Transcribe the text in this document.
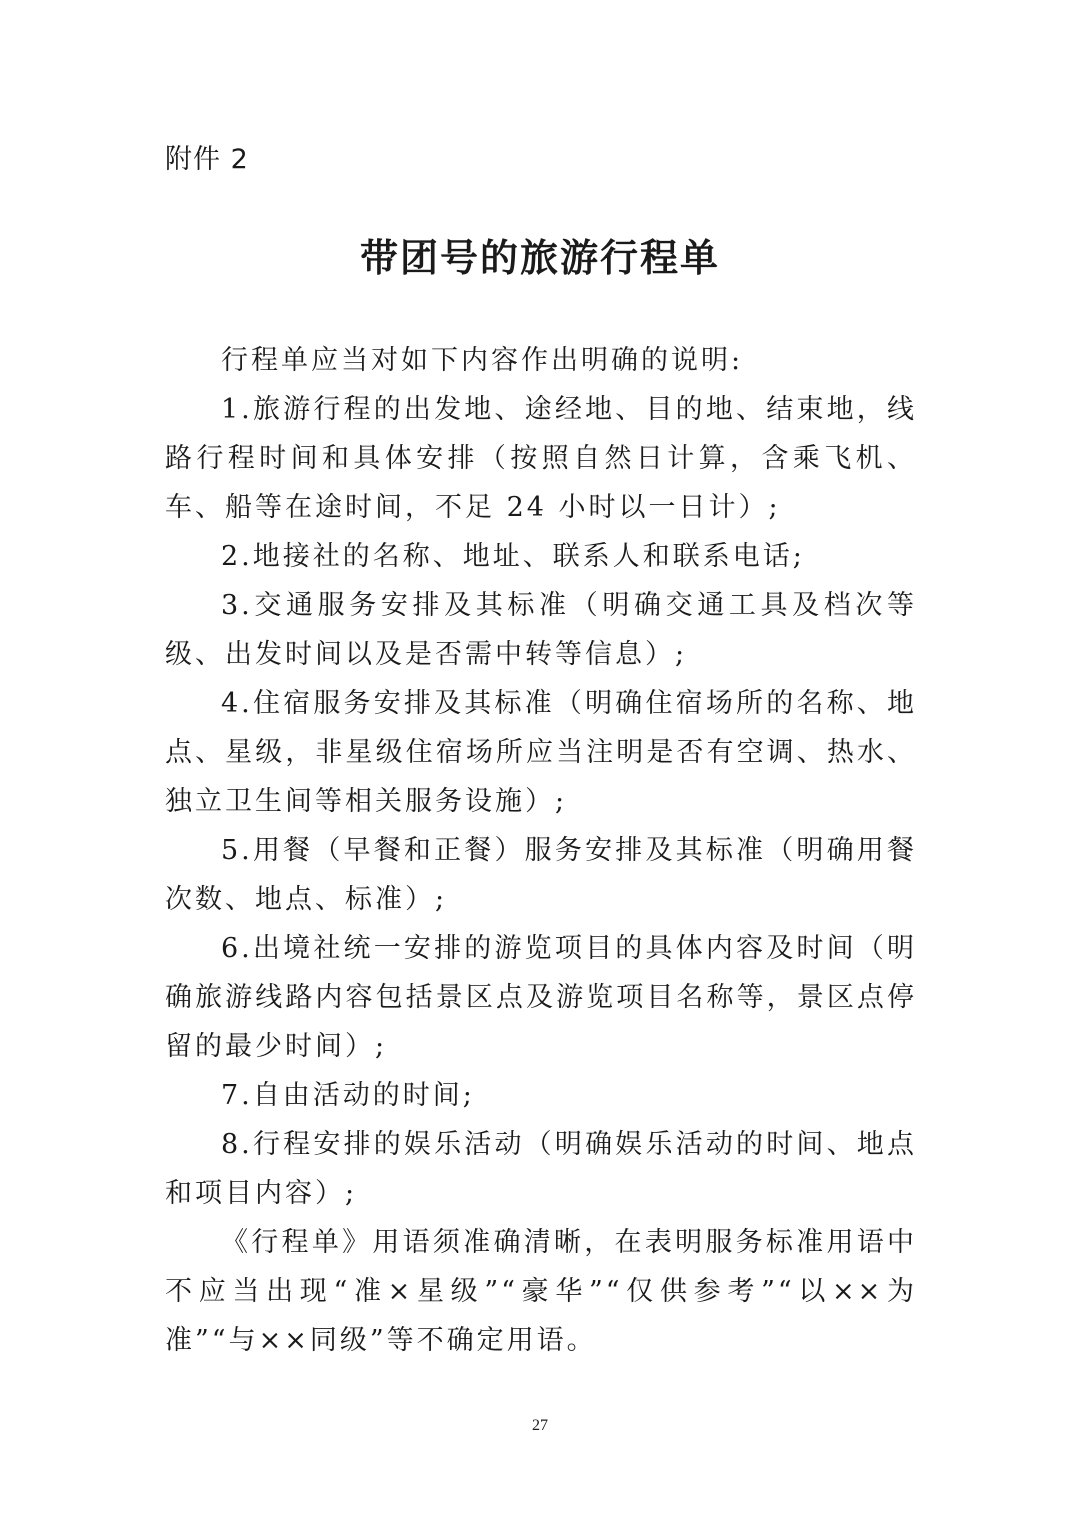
附件 2
带团号的旅游行程单

行程单应当对如下内容作出明确的说明:

1.旅游行程的出发地、途经地、目的地、结束地，线路行程时间和具体安排（按照自然日计算，含乘飞机、车、船等在途时间，不足 24 小时以一日计）;

2.地接社的名称、地址、联系人和联系电话;

3.交通服务安排及其标准（明确交通工具及档次等级、出发时间以及是否需中转等信息）;

4.住宿服务安排及其标准（明确住宿场所的名称、地点、星级，非星级住宿场所应当注明是否有空调、热水、独立卫生间等相关服务设施）;

5.用餐（早餐和正餐）服务安排及其标准（明确用餐次数、地点、标准）;

6.出境社统一安排的游览项目的具体内容及时间（明确旅游线路内容包括景区点及游览项目名称等，景区点停留的最少时间）;

7.自由活动的时间;

8.行程安排的娱乐活动（明确娱乐活动的时间、地点和项目内容）;

《行程单》用语须准确清晰，在表明服务标准用语中不应当出现“准×星级”“豪华”“仅供参考”“以××为准”“与××同级”等不确定用语。

27
